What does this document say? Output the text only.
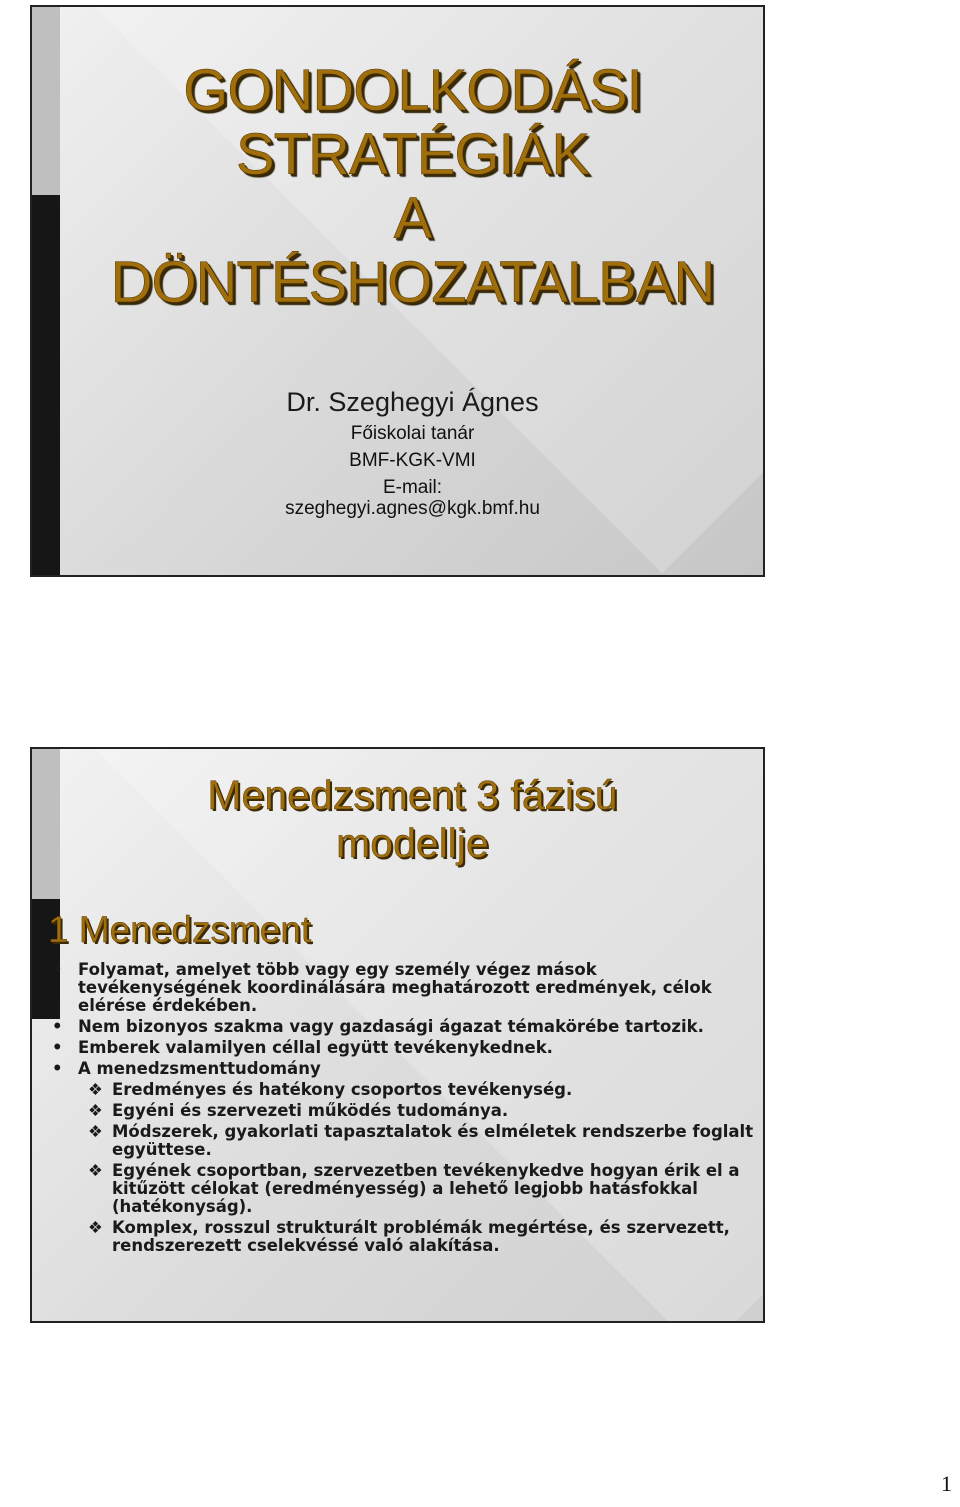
GONDOLKODÁSI
STRATÉGIÁK
A
DÖNTÉSHOZATALBAN
Dr. Szeghegyi Ágnes
Főiskolai tanár
BMF-KGK-VMI
E-mail:
szeghegyi.agnes@kgk.bmf.hu
Menedzsment 3 fázisú
modellje
1 Menedzsment
• Folyamat, amelyet több vagy egy személy végez mások tevékenységének koordinálására meghatározott eredmények, célok elérése érdekében.
• Nem bizonyos szakma vagy gazdasági ágazat témakörébe tartozik.
• Emberek valamilyen céllal együtt tevékenykednek.
• A menedzsmenttudomány
❖ Eredményes és hatékony csoportos tevékenység.
❖ Egyéni és szervezeti működés tudománya.
❖ Módszerek, gyakorlati tapasztalatok és elméletek rendszerbe foglalt együttese.
❖ Egyének csoportban, szervezetben tevékenykedve hogyan érik el a kitűzött célokat (eredményesség) a lehető legjobb hatásfokkal (hatékonyság).
❖ Komplex, rosszul strukturált problémák megértése, és szervezett, rendszerezett cselekvéssé való alakítása.
1
